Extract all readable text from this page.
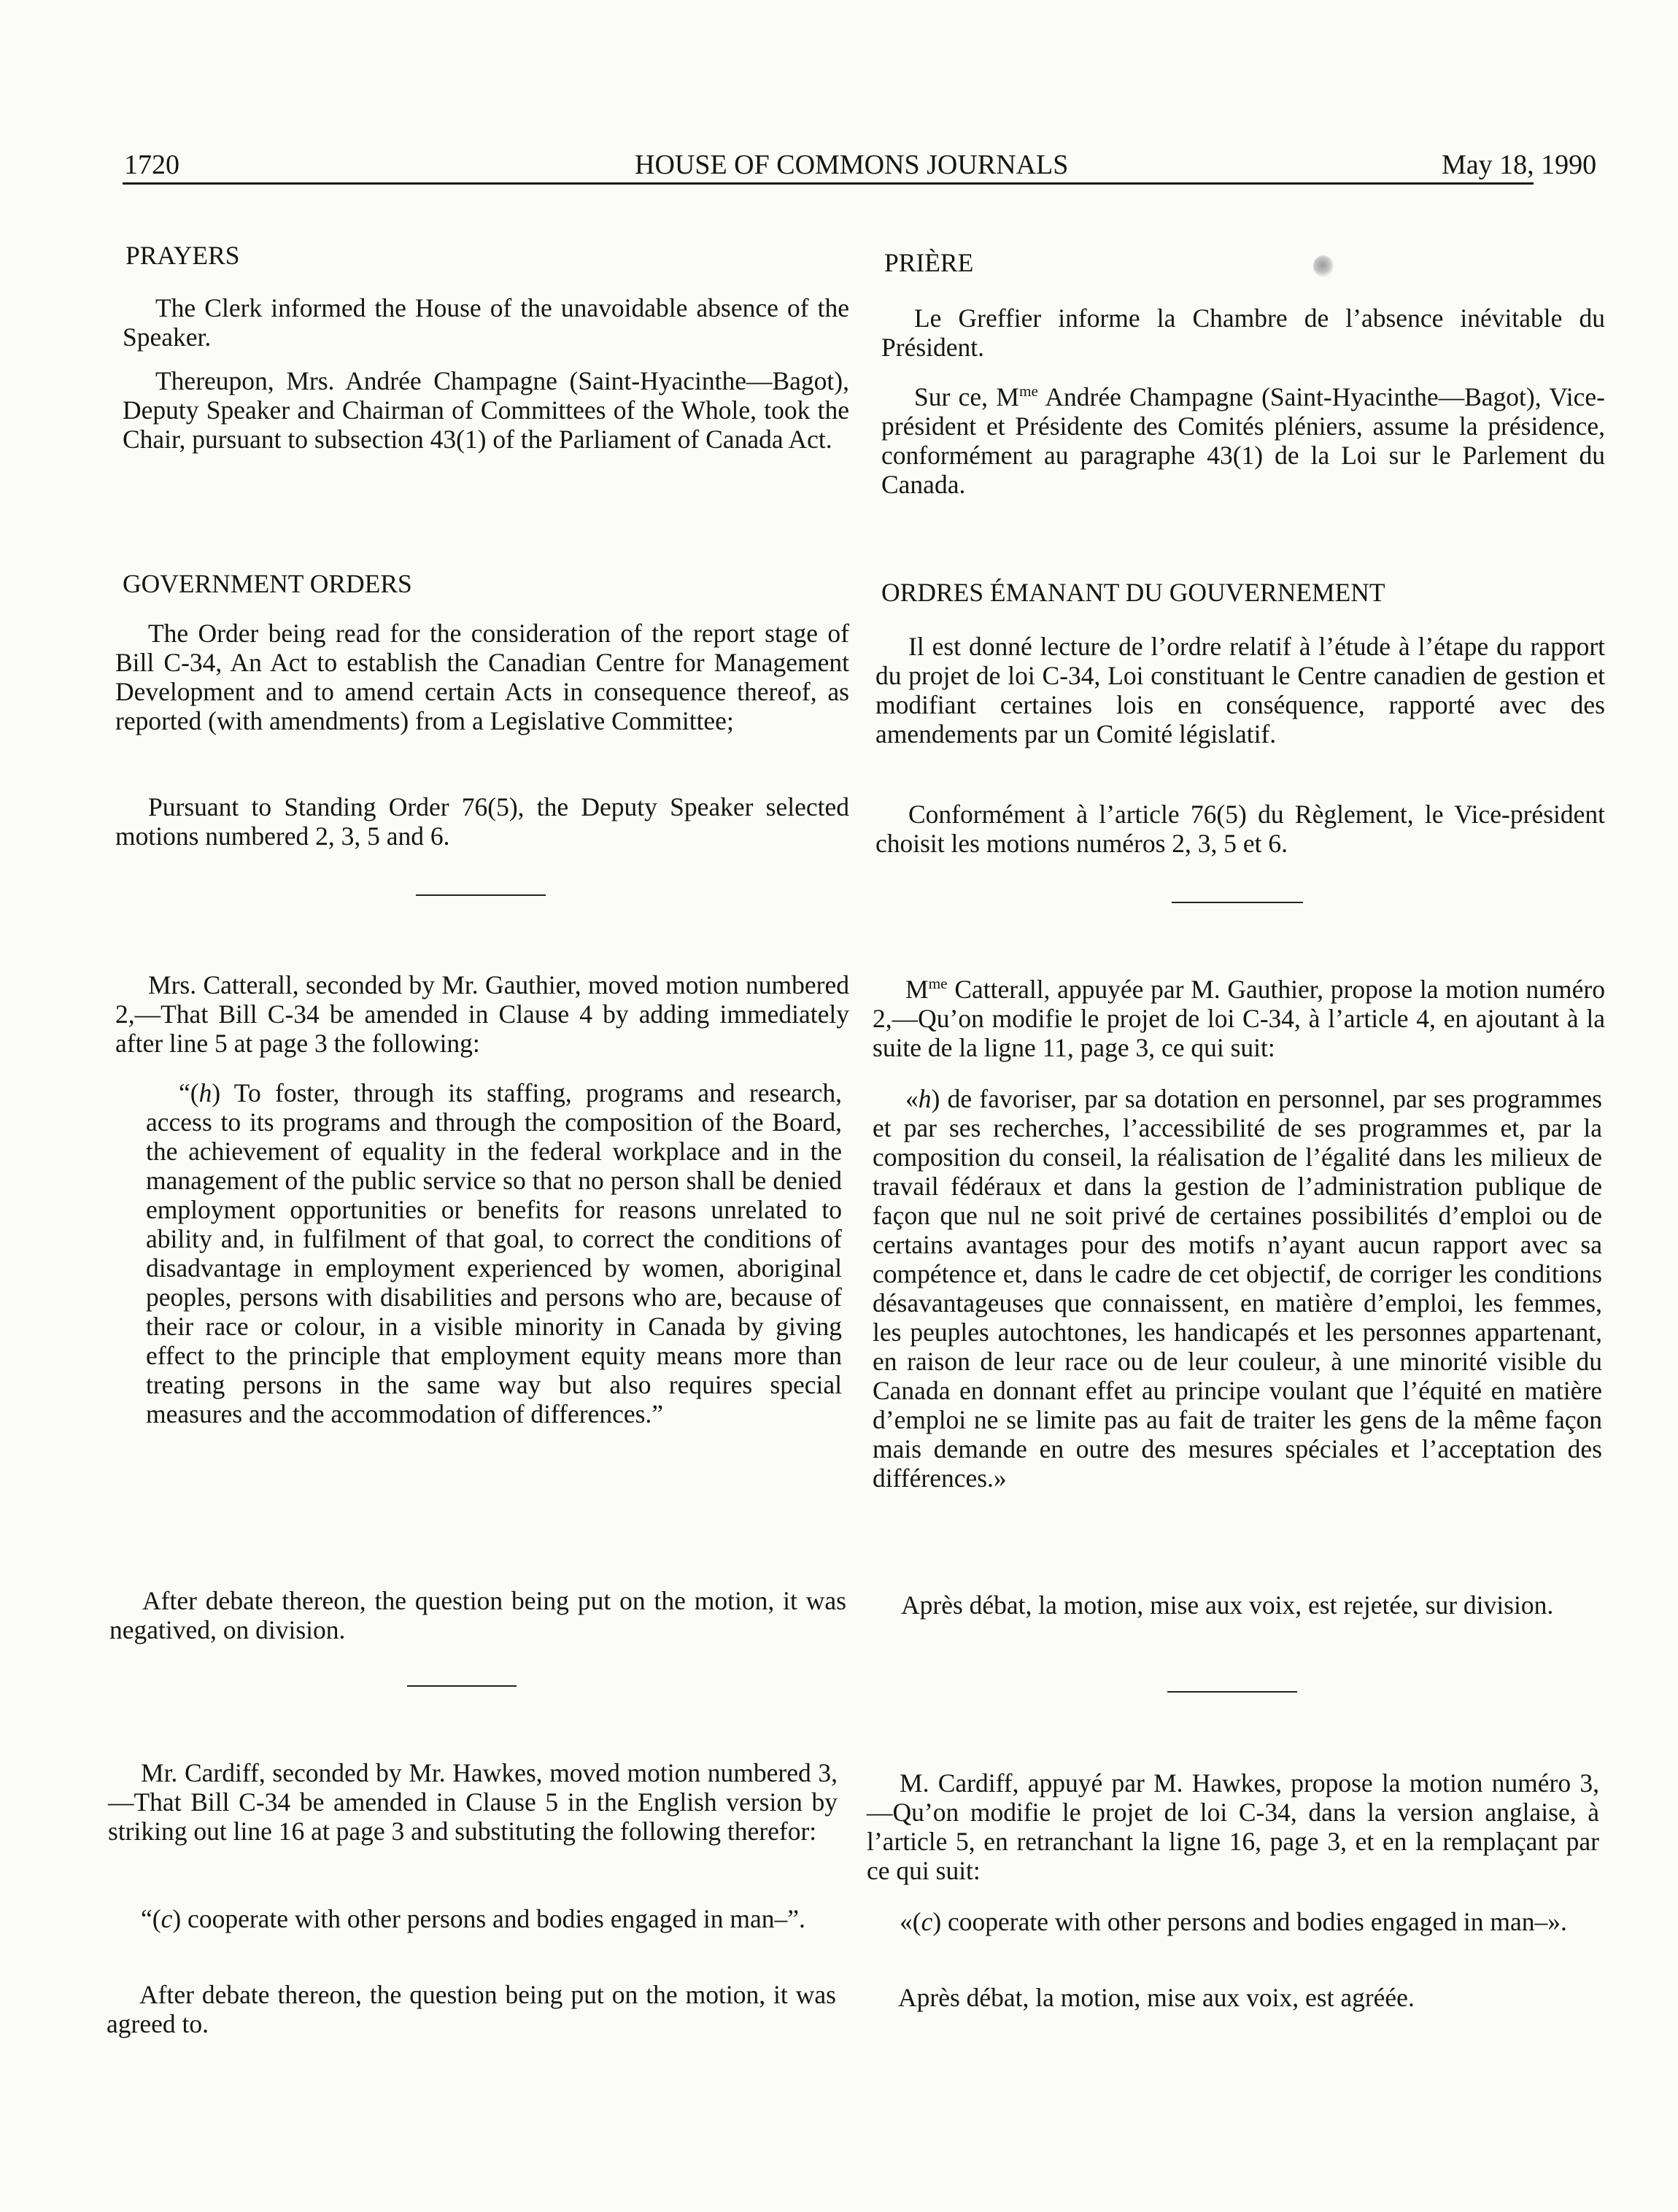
1720	HOUSE OF COMMONS JOURNALS	May 18, 1990

PRAYERS

The Clerk informed the House of the unavoidable absence of the Speaker.

Thereupon, Mrs. Andrée Champagne (Saint-Hyacinthe—Bagot), Deputy Speaker and Chairman of Committees of the Whole, took the Chair, pursuant to subsection 43(1) of the Parliament of Canada Act.

GOVERNMENT ORDERS

The Order being read for the consideration of the report stage of Bill C-34, An Act to establish the Canadian Centre for Management Development and to amend certain Acts in consequence thereof, as reported (with amendments) from a Legislative Committee;

Pursuant to Standing Order 76(5), the Deputy Speaker selected motions numbered 2, 3, 5 and 6.

Mrs. Catterall, seconded by Mr. Gauthier, moved motion numbered 2,—That Bill C-34 be amended in Clause 4 by adding immediately after line 5 at page 3 the following:

“(h) To foster, through its staffing, programs and research, access to its programs and through the composition of the Board, the achievement of equality in the federal workplace and in the management of the public service so that no person shall be denied employment opportunities or benefits for reasons unrelated to ability and, in fulfilment of that goal, to correct the conditions of disadvantage in employment experienced by women, aboriginal peoples, persons with disabilities and persons who are, because of their race or colour, in a visible minority in Canada by giving effect to the principle that employment equity means more than treating persons in the same way but also requires special measures and the accommodation of differences.”

After debate thereon, the question being put on the motion, it was negatived, on division.

Mr. Cardiff, seconded by Mr. Hawkes, moved motion numbered 3,—That Bill C-34 be amended in Clause 5 in the English version by striking out line 16 at page 3 and substituting the following therefor:

“(c) cooperate with other persons and bodies engaged in man–”.

After debate thereon, the question being put on the motion, it was agreed to.

PRIÈRE

Le Greffier informe la Chambre de l’absence inévitable du Président.

Sur ce, $M^{me}$ Andrée Champagne (Saint-Hyacinthe—Bagot), Vice-président et Présidente des Comités pléniers, assume la présidence, conformément au paragraphe 43(1) de la Loi sur le Parlement du Canada.

ORDRES ÉMANANT DU GOUVERNEMENT

Il est donné lecture de l’ordre relatif à l’étude à l’étape du rapport du projet de loi C-34, Loi constituant le Centre canadien de gestion et modifiant certaines lois en conséquence, rapporté avec des amendements par un Comité législatif.

Conformément à l’article 76(5) du Règlement, le Vice-président choisit les motions numéros 2, 3, 5 et 6.

$M^{me}$ Catterall, appuyée par M. Gauthier, propose la motion numéro 2,—Qu’on modifie le projet de loi C-34, à l’article 4, en ajoutant à la suite de la ligne 11, page 3, ce qui suit:

«h) de favoriser, par sa dotation en personnel, par ses programmes et par ses recherches, l’accessibilité de ses programmes et, par la composition du conseil, la réalisation de l’égalité dans les milieux de travail fédéraux et dans la gestion de l’administration publique de façon que nul ne soit privé de certaines possibilités d’emploi ou de certains avantages pour des motifs n’ayant aucun rapport avec sa compétence et, dans le cadre de cet objectif, de corriger les conditions désavantageuses que connaissent, en matière d’emploi, les femmes, les peuples autochtones, les handicapés et les personnes appartenant, en raison de leur race ou de leur couleur, à une minorité visible du Canada en donnant effet au principe voulant que l’équité en matière d’emploi ne se limite pas au fait de traiter les gens de la même façon mais demande en outre des mesures spéciales et l’acceptation des différences.»

Après débat, la motion, mise aux voix, est rejetée, sur division.

M. Cardiff, appuyé par M. Hawkes, propose la motion numéro 3,—Qu’on modifie le projet de loi C-34, dans la version anglaise, à l’article 5, en retranchant la ligne 16, page 3, et en la remplaçant par ce qui suit:

«(c) cooperate with other persons and bodies engaged in man–».

Après débat, la motion, mise aux voix, est agréée.
